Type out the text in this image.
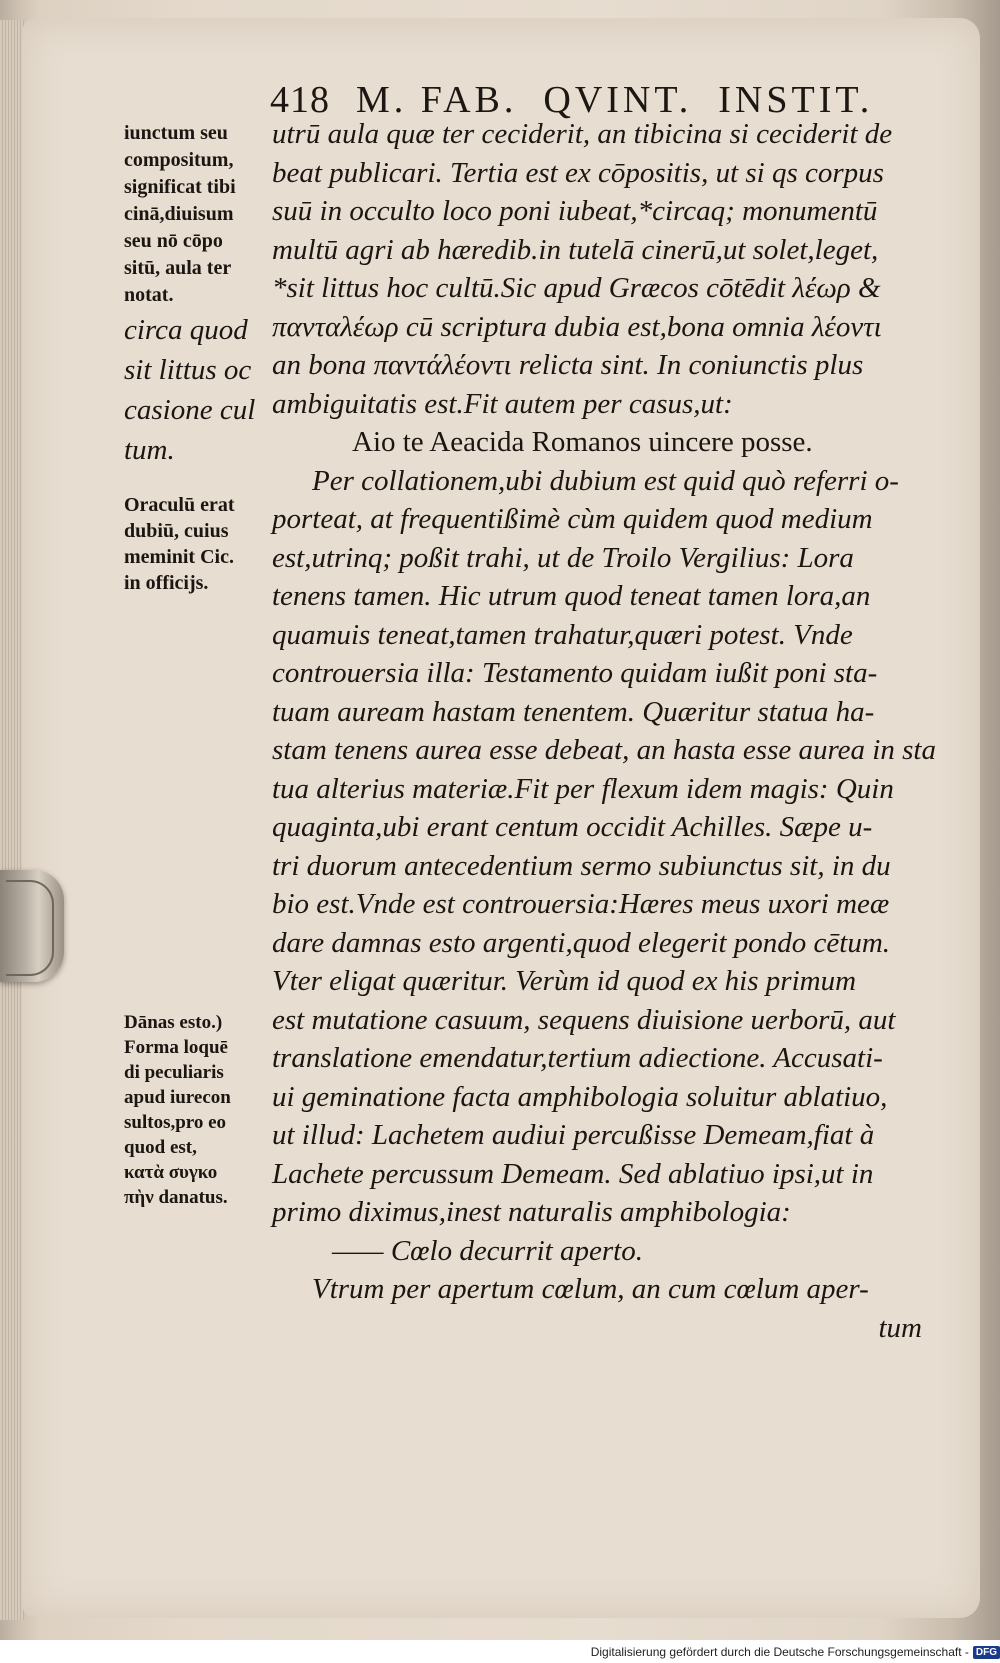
418 M. FAB. QVINT. INSTIT.
utrū aula quæ ter ceciderit, an tibicina si ceciderit de
beat publicari. Tertia est ex cōpositis, ut si qs corpus
suū in occulto loco poni iubeat,*circaq; monumentū
multū agri ab hæredib.in tutelā cinerū,ut solet,leget,
*sit littus hoc cultū.Sic apud Græcos cōtēdit λέωρ &
πανταλέωρ cū scriptura dubia est,bona omnia λέοντι
an bona παντάλέοντι relicta sint. In coniunctis plus
ambiguitatis est.Fit autem per casus,ut:
Aio te Aeacida Romanos uincere posse.
Per collationem,ubi dubium est quid quò referri o-
porteat, at frequentißimè cùm quidem quod medium
est,utrinq; poßit trahi, ut de Troilo Vergilius: Lora
tenens tamen. Hic utrum quod teneat tamen lora,an
quamuis teneat,tamen trahatur,quæri potest. Vnde
controuersia illa: Testamento quidam iußit poni sta-
tuam auream hastam tenentem. Quæritur statua ha-
stam tenens aurea esse debeat, an hasta esse aurea in sta
tua alterius materiæ.Fit per flexum idem magis: Quin
quaginta,ubi erant centum occidit Achilles. Sæpe u-
tri duorum antecedentium sermo subiunctus sit, in du
bio est.Vnde est controuersia:Hæres meus uxori meæ
dare damnas esto argenti,quod elegerit pondo cētum.
Vter eligat quæritur. Verùm id quod ex his primum
est mutatione casuum, sequens diuisione uerborū, aut
translatione emendatur,tertium adiectione. Accusati-
ui geminatione facta amphibologia soluitur ablatiuo,
ut illud: Lachetem audiui percußisse Demeam,fiat à
Lachete percussum Demeam. Sed ablatiuo ipsi,ut in
primo diximus,inest naturalis amphibologia:
—— Cœlo decurrit aperto.
Vtrum per apertum cœlum, an cum cœlum aper-
tum
iunctum seu
compositum,
significat tibi
cinā,diuisum
seu nō cōpo
sitū, aula ter
notat.
circa quod
sit littus oc
casione cul
tum.
Oraculū erat
dubiū, cuius
meminit Cic.
in officijs.
Dānas esto.)
Forma loquē
di peculiaris
apud iurecon
sultos,pro eo
quod est,
κατὰ συγκο
πὴν danatus.
Digitalisierung gefördert durch die Deutsche Forschungsgemeinschaft - DFG
